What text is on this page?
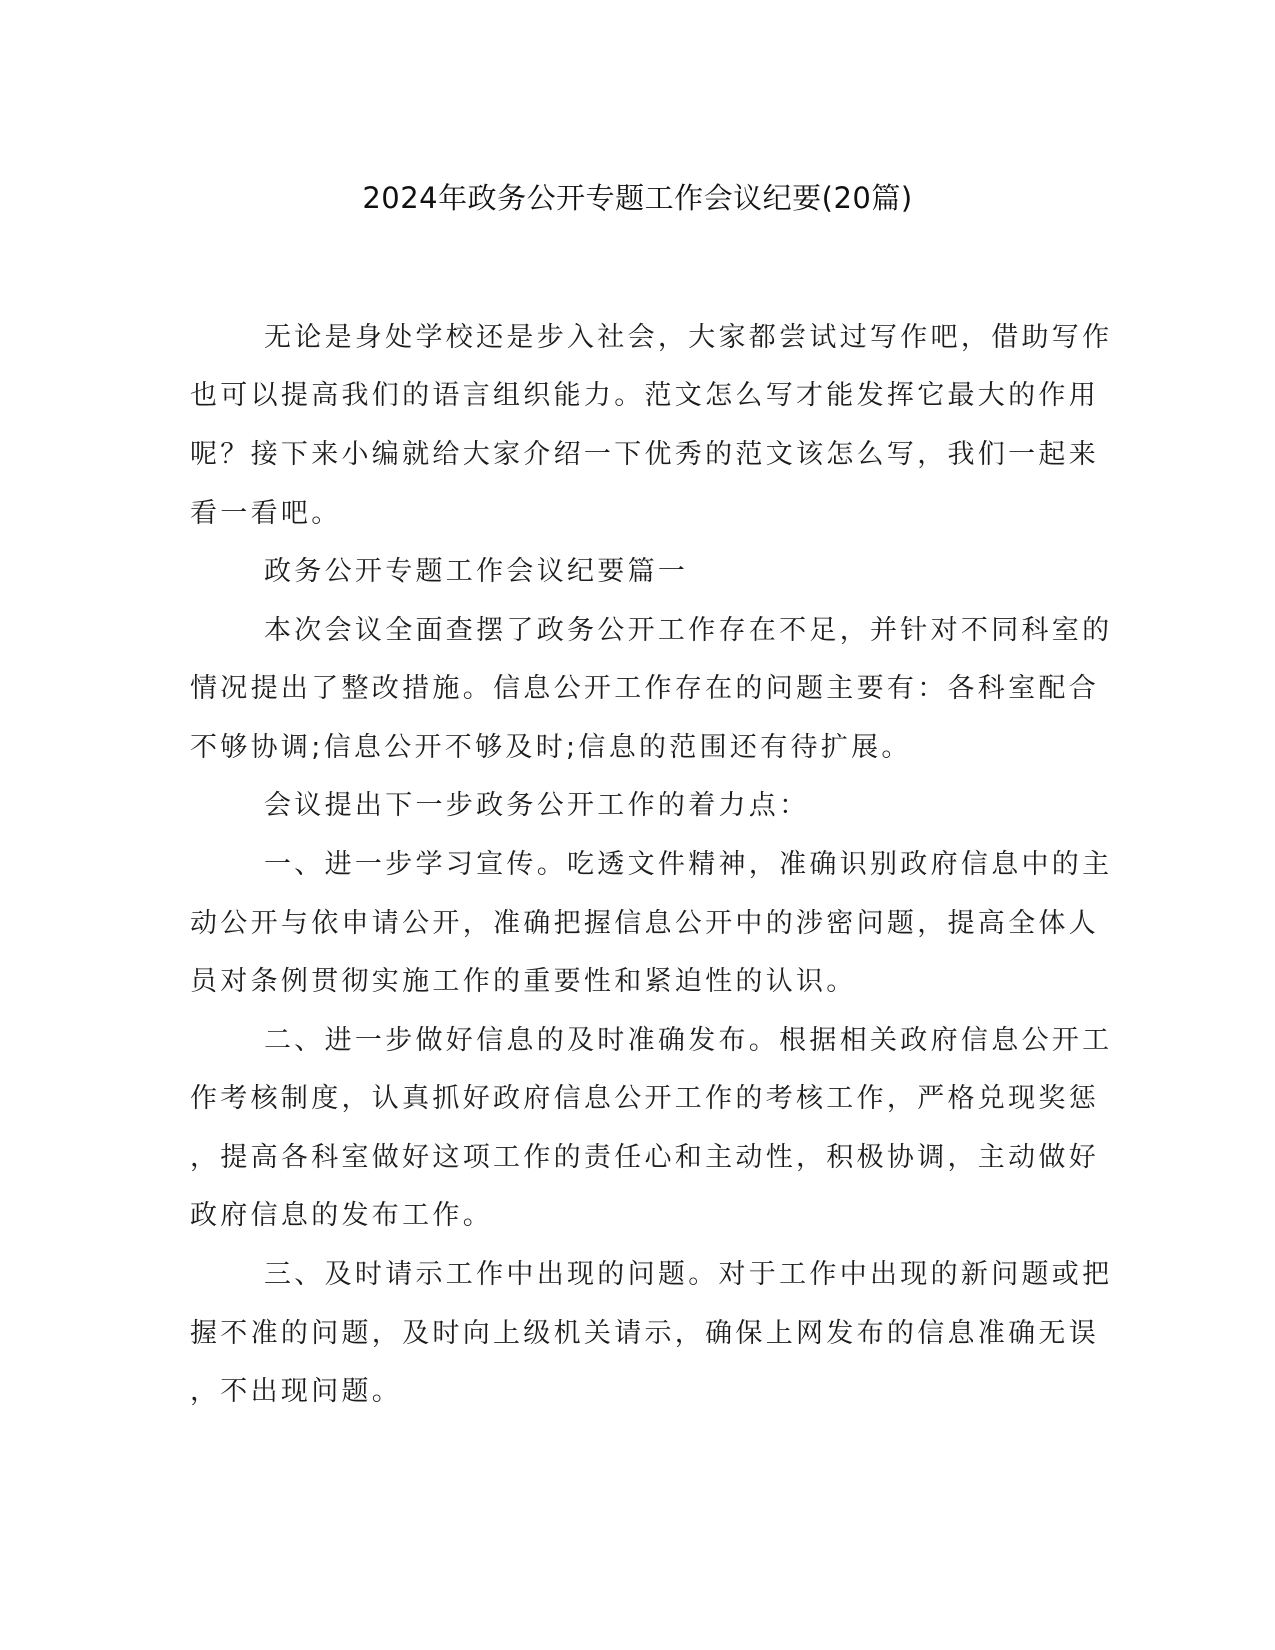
2024年政务公开专题工作会议纪要(20篇)
无论是身处学校还是步入社会，大家都尝试过写作吧，借助写作
也可以提高我们的语言组织能力。范文怎么写才能发挥它最大的作用
呢？接下来小编就给大家介绍一下优秀的范文该怎么写，我们一起来
看一看吧。
政务公开专题工作会议纪要篇一
本次会议全面查摆了政务公开工作存在不足，并针对不同科室的
情况提出了整改措施。信息公开工作存在的问题主要有：各科室配合
不够协调;信息公开不够及时;信息的范围还有待扩展。
会议提出下一步政务公开工作的着力点：
一、进一步学习宣传。吃透文件精神，准确识别政府信息中的主
动公开与依申请公开，准确把握信息公开中的涉密问题，提高全体人
员对条例贯彻实施工作的重要性和紧迫性的认识。
二、进一步做好信息的及时准确发布。根据相关政府信息公开工
作考核制度，认真抓好政府信息公开工作的考核工作，严格兑现奖惩
，提高各科室做好这项工作的责任心和主动性，积极协调，主动做好
政府信息的发布工作。
三、及时请示工作中出现的问题。对于工作中出现的新问题或把
握不准的问题，及时向上级机关请示，确保上网发布的信息准确无误
，不出现问题。
